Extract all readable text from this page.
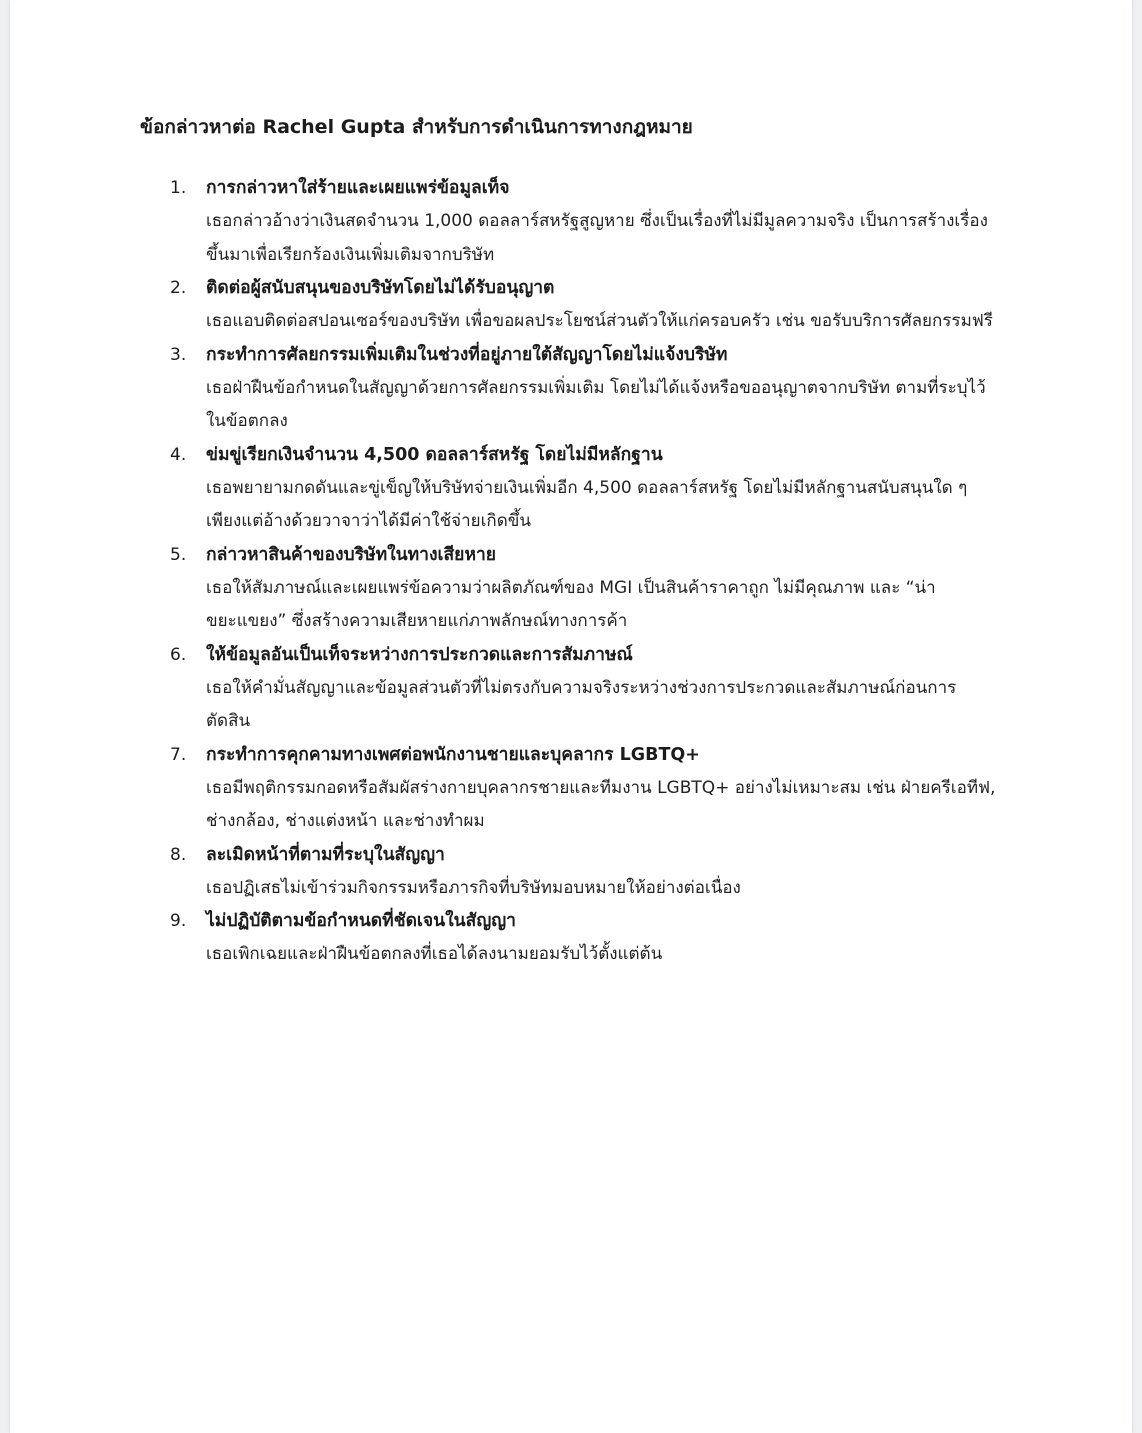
ข้อกล่าวหาต่อ Rachel Gupta สำหรับการดำเนินการทางกฎหมาย
1.	การกล่าวหาใส่ร้ายและเผยแพร่ข้อมูลเท็จ
เธอกล่าวอ้างว่าเงินสดจำนวน 1,000 ดอลลาร์สหรัฐสูญหาย ซึ่งเป็นเรื่องที่ไม่มีมูลความจริง เป็นการสร้างเรื่องขึ้นมาเพื่อเรียกร้องเงินเพิ่มเติมจากบริษัท
2.	ติดต่อผู้สนับสนุนของบริษัทโดยไม่ได้รับอนุญาต
เธอแอบติดต่อสปอนเซอร์ของบริษัท เพื่อขอผลประโยชน์ส่วนตัวให้แก่ครอบครัว เช่น ขอรับบริการศัลยกรรมฟรี
3.	กระทำการศัลยกรรมเพิ่มเติมในช่วงที่อยู่ภายใต้สัญญาโดยไม่แจ้งบริษัท
เธอฝ่าฝืนข้อกำหนดในสัญญาด้วยการศัลยกรรมเพิ่มเติม โดยไม่ได้แจ้งหรือขออนุญาตจากบริษัท ตามที่ระบุไว้ในข้อตกลง
4.	ข่มขู่เรียกเงินจำนวน 4,500 ดอลลาร์สหรัฐ โดยไม่มีหลักฐาน
เธอพยายามกดดันและขู่เข็ญให้บริษัทจ่ายเงินเพิ่มอีก 4,500 ดอลลาร์สหรัฐ โดยไม่มีหลักฐานสนับสนุนใด ๆ เพียงแต่อ้างด้วยวาจาว่าได้มีค่าใช้จ่ายเกิดขึ้น
5.	กล่าวหาสินค้าของบริษัทในทางเสียหาย
เธอให้สัมภาษณ์และเผยแพร่ข้อความว่าผลิตภัณฑ์ของ MGI เป็นสินค้าราคาถูก ไม่มีคุณภาพ และ “น่าขยะแขยง” ซึ่งสร้างความเสียหายแก่ภาพลักษณ์ทางการค้า
6.	ให้ข้อมูลอันเป็นเท็จระหว่างการประกวดและการสัมภาษณ์
เธอให้คำมั่นสัญญาและข้อมูลส่วนตัวที่ไม่ตรงกับความจริงระหว่างช่วงการประกวดและสัมภาษณ์ก่อนการตัดสิน
7.	กระทำการคุกคามทางเพศต่อพนักงานชายและบุคลากร LGBTQ+
เธอมีพฤติกรรมกอดหรือสัมผัสร่างกายบุคลากรชายและทีมงาน LGBTQ+ อย่างไม่เหมาะสม เช่น ฝ่ายครีเอทีฟ, ช่างกล้อง, ช่างแต่งหน้า และช่างทำผม
8.	ละเมิดหน้าที่ตามที่ระบุในสัญญา
เธอปฏิเสธไม่เข้าร่วมกิจกรรมหรือภารกิจที่บริษัทมอบหมายให้อย่างต่อเนื่อง
9.	ไม่ปฏิบัติตามข้อกำหนดที่ชัดเจนในสัญญา
เธอเพิกเฉยและฝ่าฝืนข้อตกลงที่เธอได้ลงนามยอมรับไว้ตั้งแต่ต้น
